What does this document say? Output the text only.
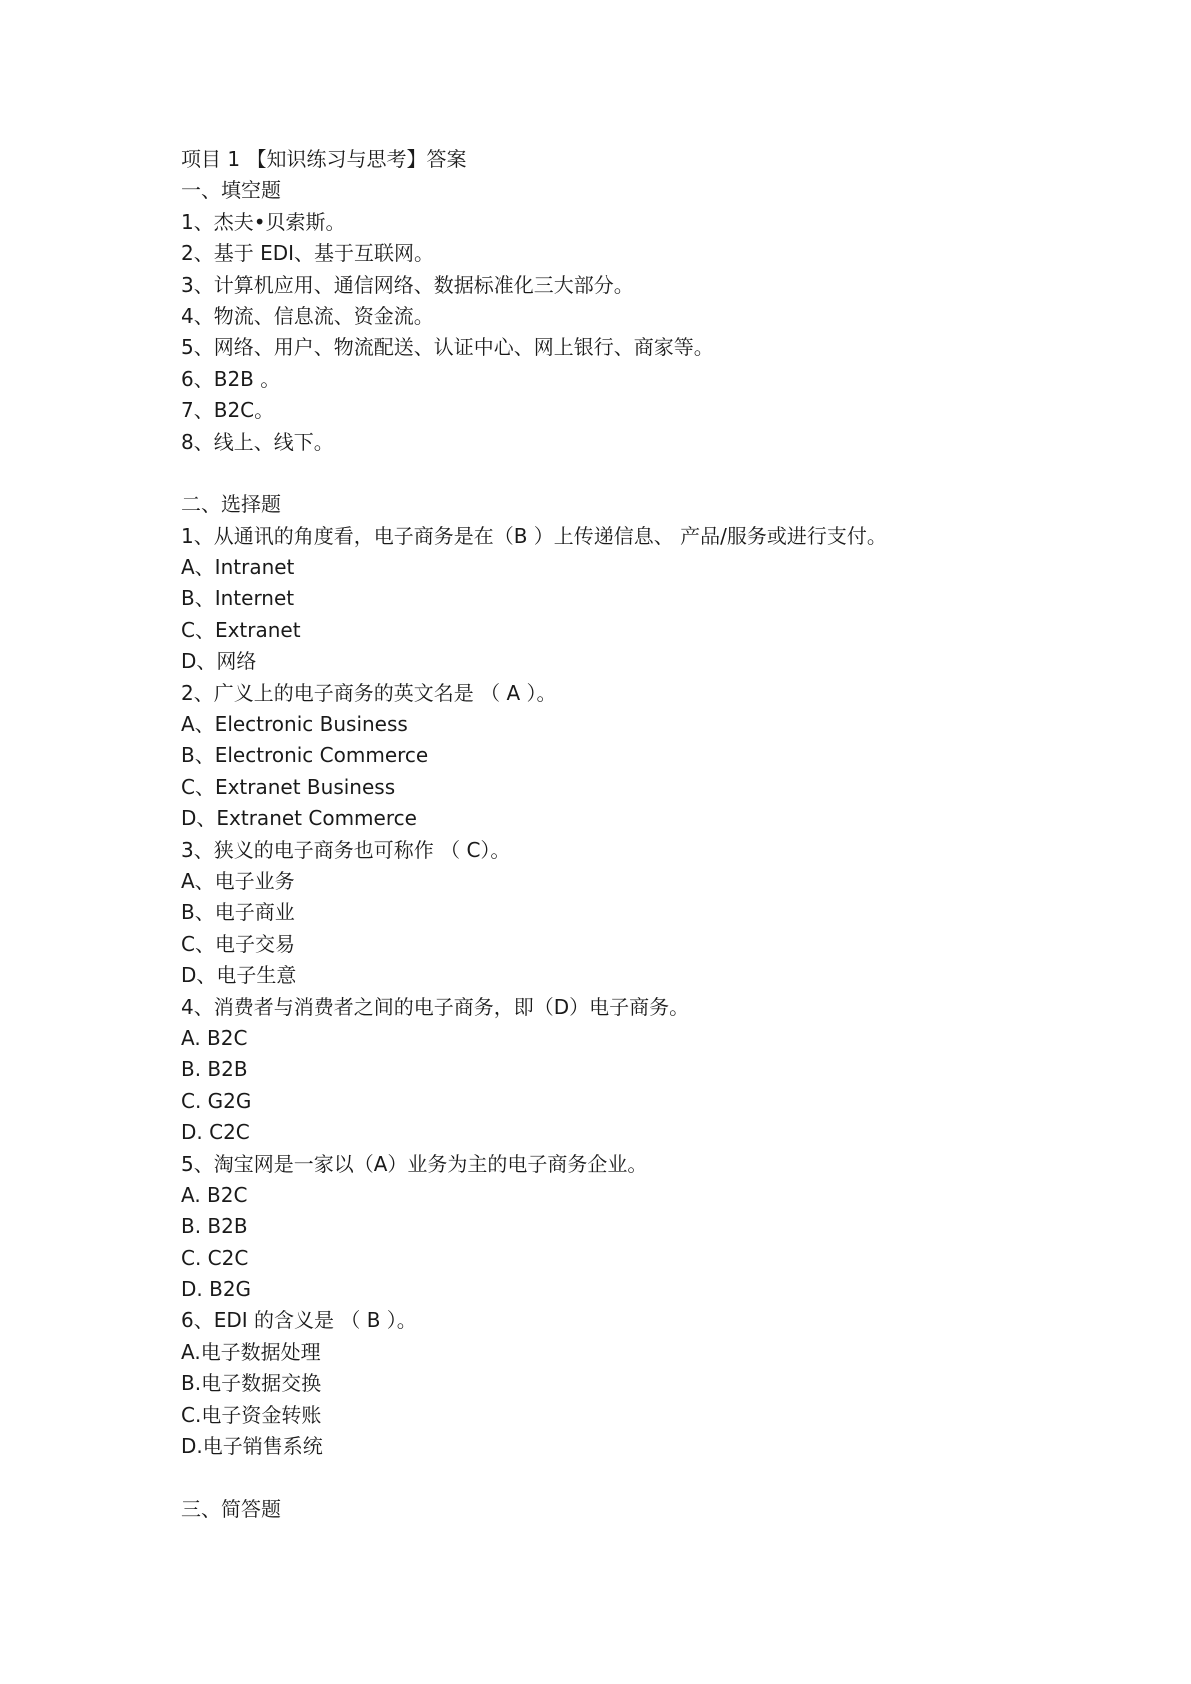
项目 1 【知识练习与思考】答案
一、填空题
1、杰夫•贝索斯。
2、基于 EDI、基于互联网。
3、计算机应用、通信网络、数据标准化三大部分。
4、物流、信息流、资金流。
5、网络、用户、物流配送、认证中心、网上银行、商家等。
6、B2B 。
7、B2C。
8、线上、线下。
二、选择题
1、从通讯的角度看，电子商务是在（B ）上传递信息、 产品/服务或进行支付。
A、Intranet
B、Internet
C、Extranet
D、网络
2、广义上的电子商务的英文名是 （ A ）。
A、Electronic Business
B、Electronic Commerce
C、Extranet Business
D、Extranet Commerce
3、狭义的电子商务也可称作 （ C）。
A、电子业务
B、电子商业
C、电子交易
D、电子生意
4、消费者与消费者之间的电子商务，即（D）电子商务。
A. B2C
B. B2B
C. G2G
D. C2C
5、淘宝网是一家以（A）业务为主的电子商务企业。
A. B2C
B. B2B
C. C2C
D. B2G
6、EDI 的含义是 （ B ）。
A.电子数据处理
B.电子数据交换
C.电子资金转账
D.电子销售系统
三、简答题
